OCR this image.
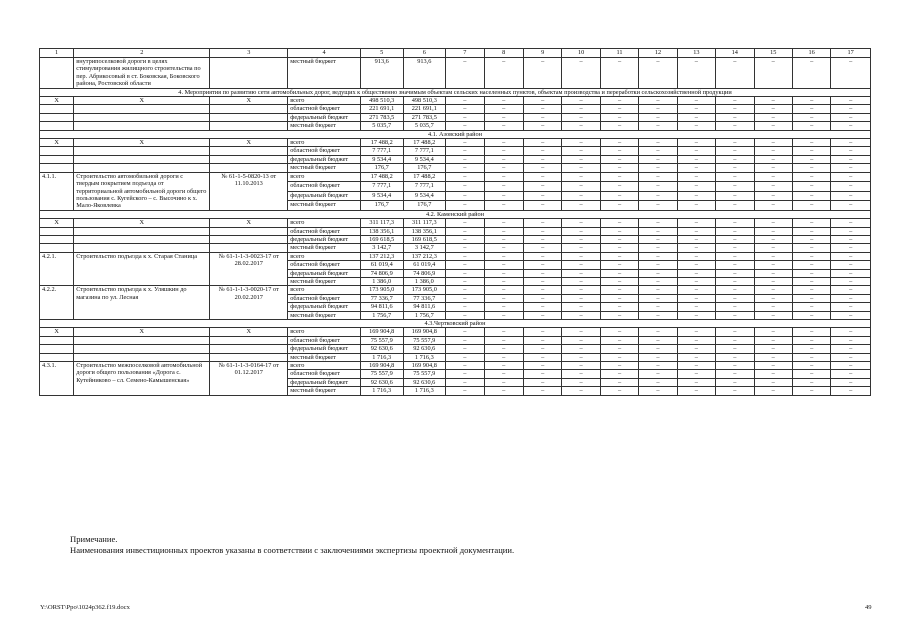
1	2	3	4	5	6	7	8	9	10	11	12	13	14	15	16	17
	внутрипоселковой дороги в целях стимулирования жилищного строительства по пер. Абрикосовый в ст. Боковская, Боковского района, Ростовской области		местный бюджет	913,6	913,6	–	–	–	–	–	–	–	–	–	–	–
4. Мероприятия по развитию сети автомобильных дорог, ведущих к общественно значимым объектам сельских населенных пунктов, объектам производства и переработки сельскохозяйственной продукции																
X	X	X	всего	498 510,3	498 510,3	–	–	–	–	–	–	–	–	–	–	–
			областной бюджет	221 691,1	221 691,1	–	–	–	–	–	–	–	–	–	–	–
			федеральный бюджет	271 783,5	271 783,5	–	–	–	–	–	–	–	–	–	–	–
			местный бюджет	5 035,7	5 035,7	–	–	–	–	–	–	–	–	–	–	–
4.1. Азовский район																
X	X	X	всего	17 488,2	17 488,2	–	–	–	–	–	–	–	–	–	–	–
			областной бюджет	7 777,1	7 777,1	–	–	–	–	–	–	–	–	–	–	–
			федеральный бюджет	9 534,4	9 534,4	–	–	–	–	–	–	–	–	–	–	–
			местный бюджет	176,7	176,7	–	–	–	–	–	–	–	–	–	–	–
4.1.1.	Строительство автомобильной дороги с твердым покрытием подъезда от территориальной автомобильной дороги общего пользования с. Кугейского – с. Высочино к х. Мало-Яковлевка	№ 61-1-5-0820-13 от 11.10.2013	всего	17 488,2	17 488,2	–	–	–	–	–	–	–	–	–	–	–
			областной бюджет	7 777,1	7 777,1	–	–	–	–	–	–	–	–	–	–	–
			федеральный бюджет	9 534,4	9 534,4	–	–	–	–	–	–	–	–	–	–	–
			местный бюджет	176,7	176,7	–	–	–	–	–	–	–	–	–	–	–
4.2. Каменский район																
X	X	X	всего	311 117,3	311 117,3	–	–	–	–	–	–	–	–	–	–	–
			областной бюджет	138 356,1	138 356,1	–	–	–	–	–	–	–	–	–	–	–
			федеральный бюджет	169 618,5	169 618,5	–	–	–	–	–	–	–	–	–	–	–
			местный бюджет	3 142,7	3 142,7	–	–	–	–	–	–	–	–	–	–	–
4.2.1.	Строительство подъезда к х. Старая Станица	№ 61-1-1-3-0023-17 от 28.02.2017	всего	137 212,3	137 212,3	–	–	–	–	–	–	–	–	–	–	–
			областной бюджет	61 019,4	61 019,4	–	–	–	–	–	–	–	–	–	–	–
			федеральный бюджет	74 806,9	74 806,9	–	–	–	–	–	–	–	–	–	–	–
			местный бюджет	1 386,0	1 386,0	–	–	–	–	–	–	–	–	–	–	–
4.2.2.	Строительство подъезда к х. Уляшкин до магазина по ул. Лесная	№ 61-1-1-3-0020-17 от 20.02.2017	всего	173 905,0	173 905,0	–	–	–	–	–	–	–	–	–	–	–
			областной бюджет	77 336,7	77 336,7	–	–	–	–	–	–	–	–	–	–	–
			федеральный бюджет	94 811,6	94 811,6	–	–	–	–	–	–	–	–	–	–	–
			местный бюджет	1 756,7	1 756,7	–	–	–	–	–	–	–	–	–	–	–
4.3.Чертковский район																
X	X	X	всего	169 904,8	169 904,8	–	–	–	–	–	–	–	–	–	–	–
			областной бюджет	75 557,9	75 557,9	–	–	–	–	–	–	–	–	–	–	–
			федеральный бюджет	92 630,6	92 630,6	–	–	–	–	–	–	–	–	–	–	–
			местный бюджет	1 716,3	1 716,3	–	–	–	–	–	–	–	–	–	–	–
4.3.1.	Строительство межпоселковой автомобильной дороги общего пользования «Дорога с. Кутейниково – сл. Семено-Камышенская»	№ 61-1-1-3-0164-17 от 01.12.2017	всего	169 904,8	169 904,8	–	–	–	–	–	–	–	–	–	–	–
			областной бюджет	75 557,9	75 557,9	–	–	–	–	–	–	–	–	–	–	–
			федеральный бюджет	92 630,6	92 630,6	–	–	–	–	–	–	–	–	–	–	–
			местный бюджет	1 716,3	1 716,3	–	–	–	–	–	–	–	–	–	–	–
Примечание.
Наименования инвестиционных проектов указаны в соответствии с заключениями экспертизы проектной документации.
Y:\ORST\Ppo\1024p362.f19.docx	49
